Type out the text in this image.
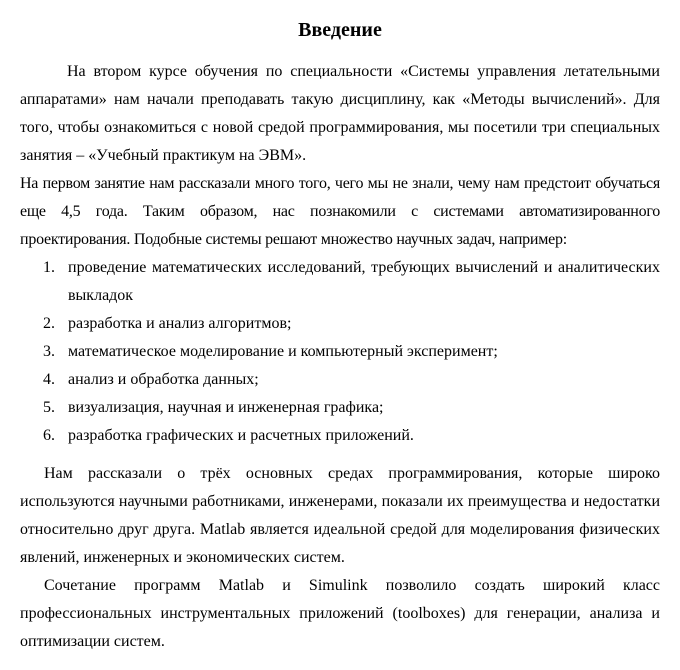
Введение

На втором курсе обучения по специальности «Системы управления летательными аппаратами» нам начали преподавать такую дисциплину, как «Методы вычислений». Для того, чтобы ознакомиться с новой средой программирования, мы посетили три специальных занятия – «Учебный практикум на ЭВМ».

На первом занятие нам рассказали много того, чего мы не знали, чему нам предстоит обучаться еще 4,5 года. Таким образом, нас познакомили с системами автоматизированного проектирования. Подобные системы решают множество научных задач, например:

1. проведение математических исследований, требующих вычислений и аналитических выкладок
2. разработка и анализ алгоритмов;
3. математическое моделирование и компьютерный эксперимент;
4. анализ и обработка данных;
5. визуализация, научная и инженерная графика;
6. разработка графических и расчетных приложений.

Нам рассказали о трёх основных средах программирования, которые широко используются научными работниками, инженерами, показали их преимущества и недостатки относительно друг друга. Matlab является идеальной средой для моделирования физических явлений, инженерных и экономических систем.

Сочетание программ Matlab и Simulink позволило создать широкий класс профессиональных инструментальных приложений (toolboxes) для генерации, анализа и оптимизации систем.
